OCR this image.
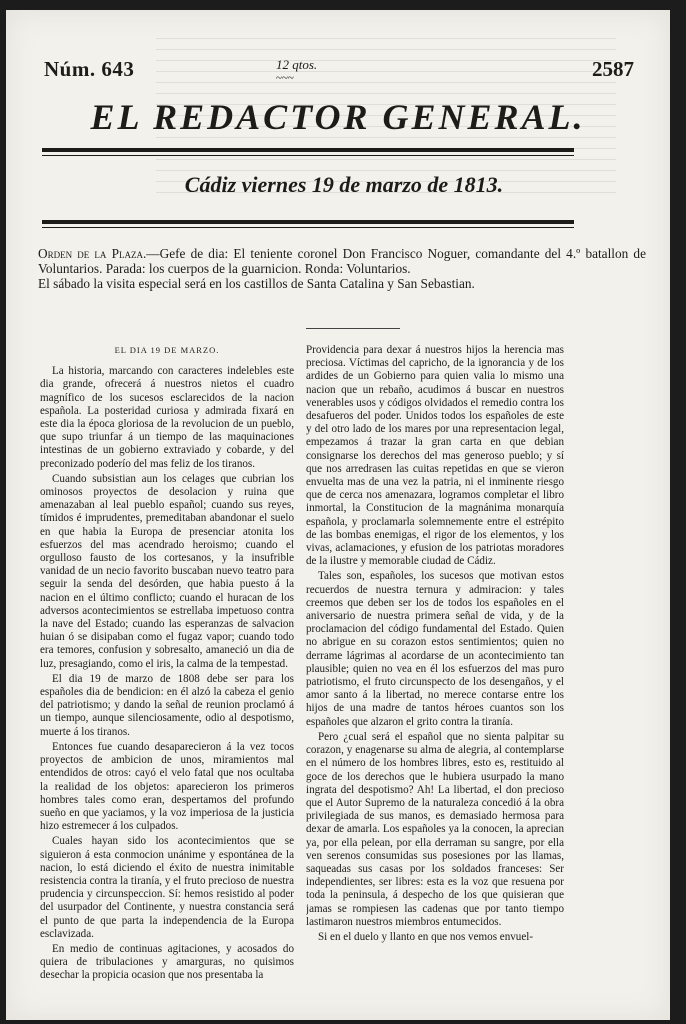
Núm. 643	12 qtos.
~~~	2587
EL REDACTOR GENERAL.
Cádiz viernes 19 de marzo de 1813.

Orden de la Plaza.—Gefe de dia: El teniente coronel Don Francisco Noguer, comandante del 4.º batallon de Voluntarios. Parada: los cuerpos de la guarnicion. Ronda: Voluntarios.

El sábado la visita especial será en los castillos de Santa Catalina y San Sebastian.

EL DIA 19 DE MARZO.

La historia, marcando con caracteres indelebles este dia grande, ofrecerá á nuestros nietos el cuadro magnífico de los sucesos esclarecidos de la nacion española. La posteridad curiosa y admirada fixará en este dia la época gloriosa de la revolucion de un pueblo, que supo triunfar á un tiempo de las maquinaciones intestinas de un gobierno extraviado y cobarde, y del preconizado poderío del mas feliz de los tiranos.

Cuando subsistian aun los celages que cubrian los ominosos proyectos de desolacion y ruina que amenazaban al leal pueblo español; cuando sus reyes, tímidos é imprudentes, premeditaban abandonar el suelo en que habia la Europa de presenciar atonita los esfuerzos del mas acendrado heroismo; cuando el orgulloso fausto de los cortesanos, y la insufrible vanidad de un necio favorito buscaban nuevo teatro para seguir la senda del desórden, que habia puesto á la nacion en el último conflicto; cuando el huracan de los adversos acontecimientos se estrellaba impetuoso contra la nave del Estado; cuando las esperanzas de salvacion huian ó se disipaban como el fugaz vapor; cuando todo era temores, confusion y sobresalto, amaneció un dia de luz, presagiando, como el iris, la calma de la tempestad.

El dia 19 de marzo de 1808 debe ser para los españoles dia de bendicion: en él alzó la cabeza el genio del patriotismo; y dando la señal de reunion proclamó á un tiempo, aunque silenciosamente, odio al despotismo, muerte á los tiranos.

Entonces fue cuando desaparecieron á la vez tocos proyectos de ambicion de unos, miramientos mal entendidos de otros: cayó el velo fatal que nos ocultaba la realidad de los objetos: aparecieron los primeros hombres tales como eran, despertamos del profundo sueño en que yaciamos, y la voz imperiosa de la justicia hizo estremecer á los culpados.

Cuales hayan sido los acontecimientos que se siguieron á esta conmocion unánime y espontánea de la nacion, lo está diciendo el éxito de nuestra inimitable resistencia contra la tiranía, y el fruto precioso de nuestra prudencia y circunspeccion. Sí: hemos resistido al poder del usurpador del Continente, y nuestra constancia será el punto de que parta la independencia de la Europa esclavizada.

En medio de continuas agitaciones, y acosados do quiera de tribulaciones y amarguras, no quisimos desechar la propicia ocasion que nos presentaba la

Providencia para dexar á nuestros hijos la herencia mas preciosa. Víctimas del capricho, de la ignorancia y de los ardides de un Gobierno para quien valia lo mismo una nacion que un rebaño, acudimos á buscar en nuestros venerables usos y códigos olvidados el remedio contra los desafueros del poder. Unidos todos los españoles de este y del otro lado de los mares por una representacion legal, empezamos á trazar la gran carta en que debian consignarse los derechos del mas generoso pueblo; y sí que nos arredrasen las cuitas repetidas en que se vieron envuelta mas de una vez la patria, ni el inminente riesgo que de cerca nos amenazara, logramos completar el libro inmortal, la Constitucion de la magnánima monarquía española, y proclamarla solemnemente entre el estrépito de las bombas enemigas, el rigor de los elementos, y los vivas, aclamaciones, y efusion de los patriotas moradores de la ilustre y memorable ciudad de Cádiz.

Tales son, españoles, los sucesos que motivan estos recuerdos de nuestra ternura y admiracion: y tales creemos que deben ser los de todos los españoles en el aniversario de nuestra primera señal de vida, y de la proclamacion del código fundamental del Estado. Quien no abrigue en su corazon estos sentimientos; quien no derrame lágrimas al acordarse de un acontecimiento tan plausible; quien no vea en él los esfuerzos del mas puro patriotismo, el fruto circunspecto de los desengaños, y el amor santo á la libertad, no merece contarse entre los hijos de una madre de tantos héroes cuantos son los españoles que alzaron el grito contra la tiranía.

Pero ¿cual será el español que no sienta palpitar su corazon, y enagenarse su alma de alegria, al contemplarse en el número de los hombres libres, esto es, restituido al goce de los derechos que le hubiera usurpado la mano ingrata del despotismo? Ah! La libertad, el don precioso que el Autor Supremo de la naturaleza concedió á la obra privilegiada de sus manos, es demasiado hermosa para dexar de amarla. Los españoles ya la conocen, la aprecian ya, por ella pelean, por ella derraman su sangre, por ella ven serenos consumidas sus posesiones por las llamas, saqueadas sus casas por los soldados franceses: Ser independientes, ser libres: esta es la voz que resuena por toda la peninsula, á despecho de los que quisieran que jamas se rompiesen las cadenas que por tanto tiempo lastimaron nuestros miembros entumecidos.

Si en el duelo y llanto en que nos vemos envuel-
